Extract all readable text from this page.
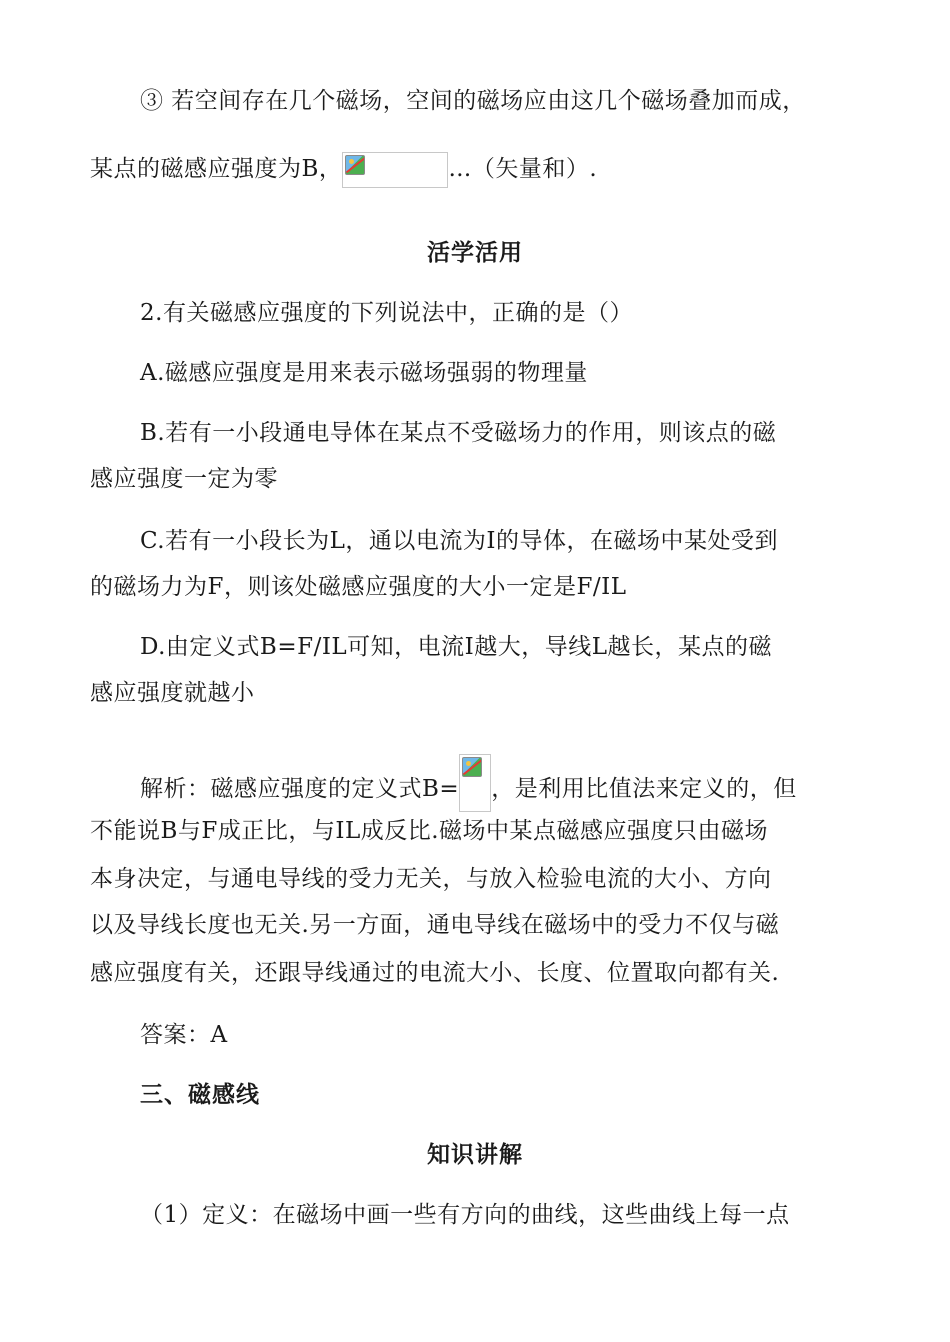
③ 若空间存在几个磁场，空间的磁场应由这几个磁场叠加而成，
某点的磁感应强度为B，	…（矢量和）.
活学活用
2.有关磁感应强度的下列说法中，正确的是（）
A.磁感应强度是用来表示磁场强弱的物理量
B.若有一小段通电导体在某点不受磁场力的作用，则该点的磁
感应强度一定为零
C.若有一小段长为L，通以电流为I的导体，在磁场中某处受到
的磁场力为F，则该处磁感应强度的大小一定是F/IL
D.由定义式B=F/IL可知，电流I越大，导线L越长，某点的磁
感应强度就越小
解析：磁感应强度的定义式B= ，是利用比值法来定义的，但
不能说B与F成正比，与IL成反比.磁场中某点磁感应强度只由磁场
本身决定，与通电导线的受力无关，与放入检验电流的大小、方向
以及导线长度也无关.另一方面，通电导线在磁场中的受力不仅与磁
感应强度有关，还跟导线通过的电流大小、长度、位置取向都有关.
答案：A
三、磁感线
知识讲解
（1）定义：在磁场中画一些有方向的曲线，这些曲线上每一点
